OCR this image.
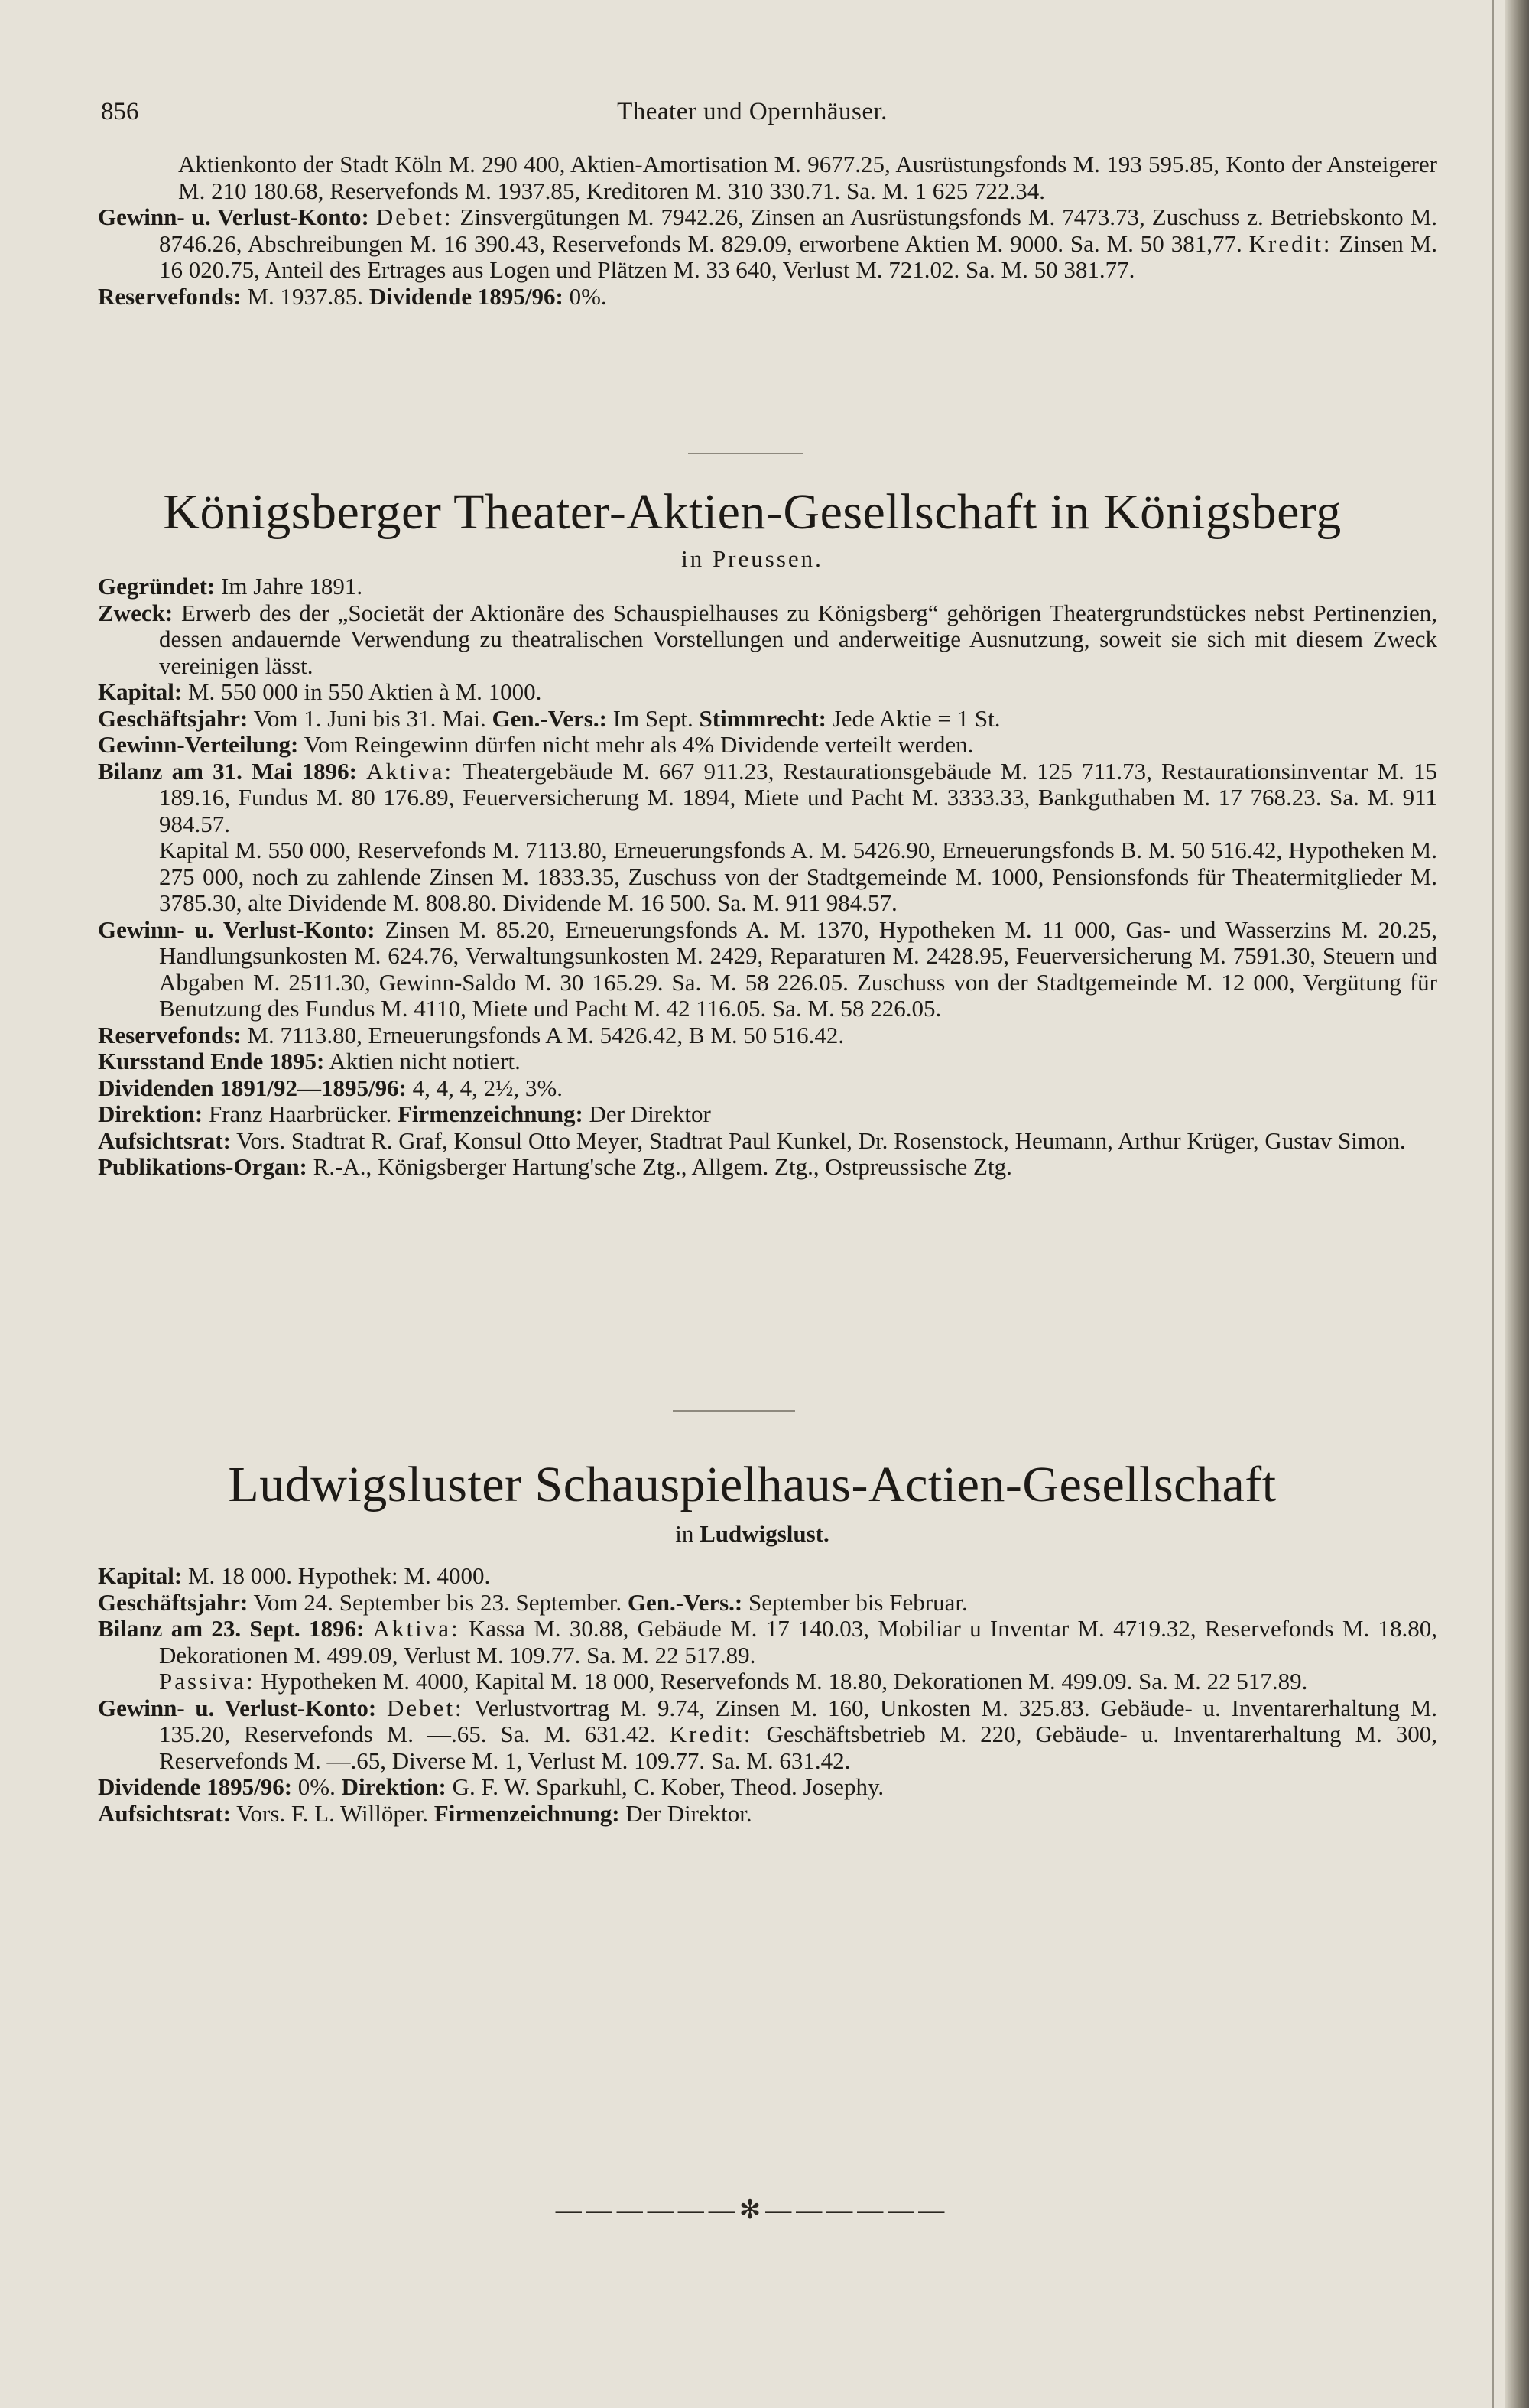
856	Theater und Opernhäuser.
Aktienkonto der Stadt Köln M. 290 400, Aktien-Amortisation M. 9677.25, Ausrüstungsfonds M. 193 595.85, Konto der Ansteigerer M. 210 180.68, Reservefonds M. 1937.85, Kreditoren M. 310 330.71. Sa. M. 1 625 722.34.
Gewinn- u. Verlust-Konto: Debet: Zinsvergütungen M. 7942.26, Zinsen an Ausrüstungsfonds M. 7473.73, Zuschuss z. Betriebskonto M. 8746.26, Abschreibungen M. 16 390.43, Reservefonds M. 829.09, erworbene Aktien M. 9000. Sa. M. 50 381,77. Kredit: Zinsen M. 16 020.75, Anteil des Ertrages aus Logen und Plätzen M. 33 640, Verlust M. 721.02. Sa. M. 50 381.77.
Reservefonds: M. 1937.85. Dividende 1895/96: 0%.
Königsberger Theater-Aktien-Gesellschaft in Königsberg
in Preussen.
Gegründet: Im Jahre 1891.
Zweck: Erwerb des der „Societät der Aktionäre des Schauspielhauses zu Königsberg“ gehörigen Theatergrundstückes nebst Pertinenzien, dessen andauernde Verwendung zu theatralischen Vorstellungen und anderweitige Ausnutzung, soweit sie sich mit diesem Zweck vereinigen lässt.
Kapital: M. 550 000 in 550 Aktien à M. 1000.
Geschäftsjahr: Vom 1. Juni bis 31. Mai. Gen.-Vers.: Im Sept. Stimmrecht: Jede Aktie = 1 St.
Gewinn-Verteilung: Vom Reingewinn dürfen nicht mehr als 4% Dividende verteilt werden.
Bilanz am 31. Mai 1896: Aktiva: Theatergebäude M. 667 911.23, Restaurationsgebäude M. 125 711.73, Restaurationsinventar M. 15 189.16, Fundus M. 80 176.89, Feuerversicherung M. 1894, Miete und Pacht M. 3333.33, Bankguthaben M. 17 768.23. Sa. M. 911 984.57.
Kapital M. 550 000, Reservefonds M. 7113.80, Erneuerungsfonds A. M. 5426.90, Erneuerungsfonds B. M. 50 516.42, Hypotheken M. 275 000, noch zu zahlende Zinsen M. 1833.35, Zuschuss von der Stadtgemeinde M. 1000, Pensionsfonds für Theatermitglieder M. 3785.30, alte Dividende M. 808.80. Dividende M. 16 500. Sa. M. 911 984.57.
Gewinn- u. Verlust-Konto: Zinsen M. 85.20, Erneuerungsfonds A. M. 1370, Hypotheken M. 11 000, Gas- und Wasserzins M. 20.25, Handlungsunkosten M. 624.76, Verwaltungsunkosten M. 2429, Reparaturen M. 2428.95, Feuerversicherung M. 7591.30, Steuern und Abgaben M. 2511.30, Gewinn-Saldo M. 30 165.29. Sa. M. 58 226.05. Zuschuss von der Stadtgemeinde M. 12 000, Vergütung für Benutzung des Fundus M. 4110, Miete und Pacht M. 42 116.05. Sa. M. 58 226.05.
Reservefonds: M. 7113.80, Erneuerungsfonds A M. 5426.42, B M. 50 516.42.
Kursstand Ende 1895: Aktien nicht notiert.
Dividenden 1891/92—1895/96: 4, 4, 4, 2½, 3%.
Direktion: Franz Haarbrücker. Firmenzeichnung: Der Direktor
Aufsichtsrat: Vors. Stadtrat R. Graf, Konsul Otto Meyer, Stadtrat Paul Kunkel, Dr. Rosenstock, Heumann, Arthur Krüger, Gustav Simon.
Publikations-Organ: R.-A., Königsberger Hartung'sche Ztg., Allgem. Ztg., Ostpreussische Ztg.
Ludwigsluster Schauspielhaus-Actien-Gesellschaft
in Ludwigslust.
Kapital: M. 18 000. Hypothek: M. 4000.
Geschäftsjahr: Vom 24. September bis 23. September. Gen.-Vers.: September bis Februar.
Bilanz am 23. Sept. 1896: Aktiva: Kassa M. 30.88, Gebäude M. 17 140.03, Mobiliar u Inventar M. 4719.32, Reservefonds M. 18.80, Dekorationen M. 499.09, Verlust M. 109.77. Sa. M. 22 517.89.
Passiva: Hypotheken M. 4000, Kapital M. 18 000, Reservefonds M. 18.80, Dekorationen M. 499.09. Sa. M. 22 517.89.
Gewinn- u. Verlust-Konto: Debet: Verlustvortrag M. 9.74, Zinsen M. 160, Unkosten M. 325.83. Gebäude- u. Inventarerhaltung M. 135.20, Reservefonds M. —.65. Sa. M. 631.42. Kredit: Geschäftsbetrieb M. 220, Gebäude- u. Inventarerhaltung M. 300, Reservefonds M. —.65, Diverse M. 1, Verlust M. 109.77. Sa. M. 631.42.
Dividende 1895/96: 0%. Direktion: G. F. W. Sparkuhl, C. Kober, Theod. Josephy.
Aufsichtsrat: Vors. F. L. Willöper. Firmenzeichnung: Der Direktor.
——————✻——————
